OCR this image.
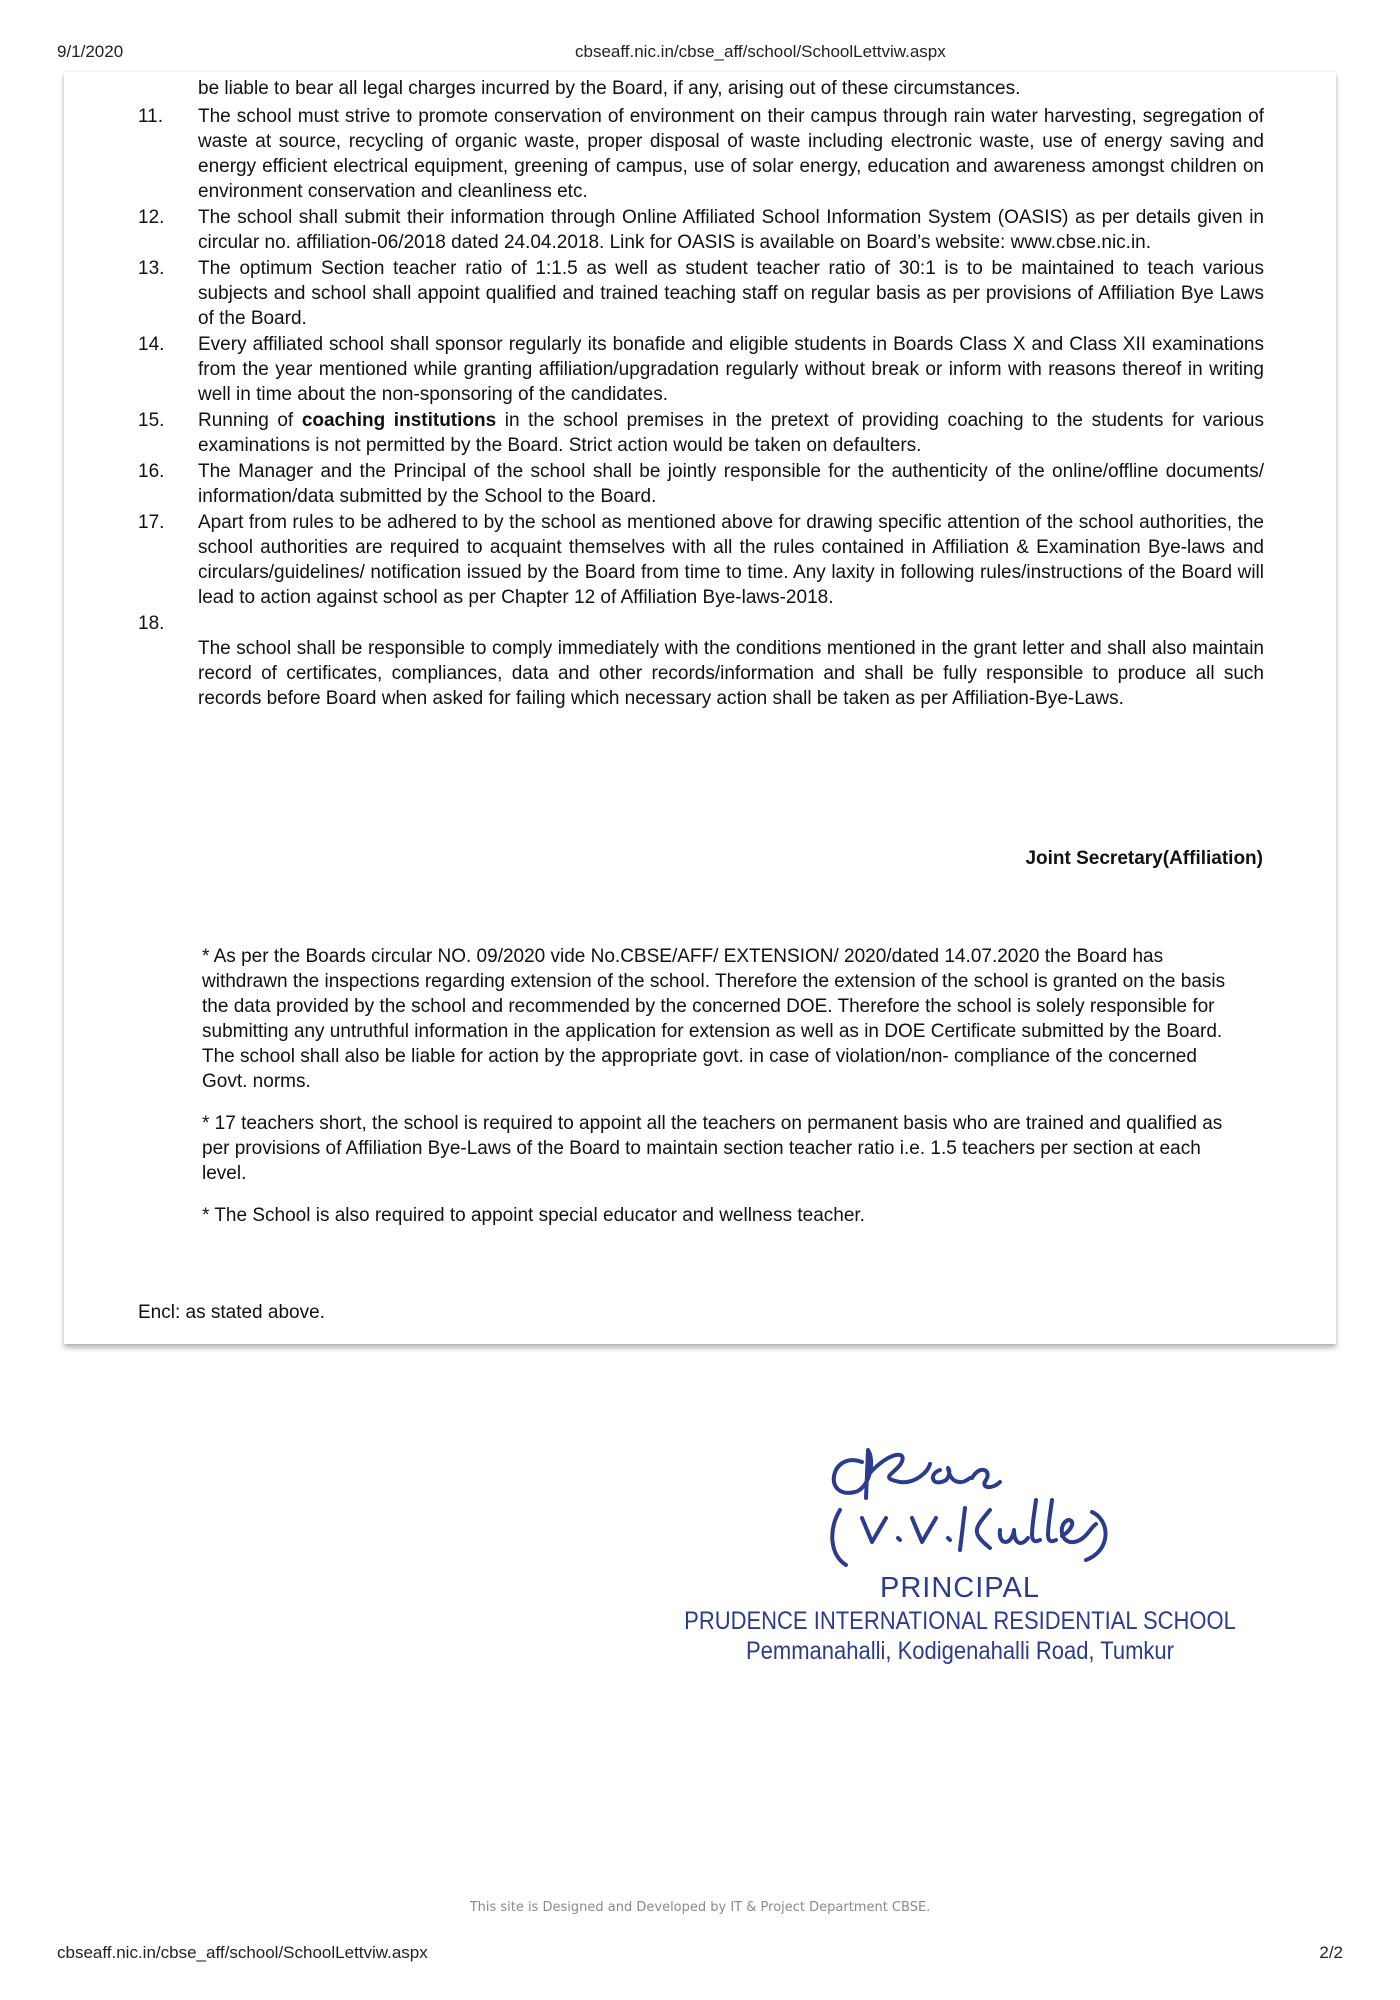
9/1/2020	cbseaff.nic.in/cbse_aff/school/SchoolLettviw.aspx
be liable to bear all legal charges incurred by the Board, if any, arising out of these circumstances.
11.	The school must strive to promote conservation of environment on their campus through rain water harvesting, segregation of waste at source, recycling of organic waste, proper disposal of waste including electronic waste, use of energy saving and energy efficient electrical equipment, greening of campus, use of solar energy, education and awareness amongst children on environment conservation and cleanliness etc.
12.	The school shall submit their information through Online Affiliated School Information System (OASIS) as per details given in circular no. affiliation-06/2018 dated 24.04.2018. Link for OASIS is available on Board’s website: www.cbse.nic.in.
13.	The optimum Section teacher ratio of 1:1.5 as well as student teacher ratio of 30:1 is to be maintained to teach various subjects and school shall appoint qualified and trained teaching staff on regular basis as per provisions of Affiliation Bye Laws of the Board.
14.	Every affiliated school shall sponsor regularly its bonafide and eligible students in Boards Class X and Class XII examinations from the year mentioned while granting affiliation/upgradation regularly without break or inform with reasons thereof in writing well in time about the non-sponsoring of the candidates.
15.	Running of coaching institutions in the school premises in the pretext of providing coaching to the students for various examinations is not permitted by the Board. Strict action would be taken on defaulters.
16.	The Manager and the Principal of the school shall be jointly responsible for the authenticity of the online/offline documents/ information/data submitted by the School to the Board.
17.	Apart from rules to be adhered to by the school as mentioned above for drawing specific attention of the school authorities, the school authorities are required to acquaint themselves with all the rules contained in Affiliation & Examination Bye-laws and circulars/guidelines/ notification issued by the Board from time to time. Any laxity in following rules/instructions of the Board will lead to action against school as per Chapter 12 of Affiliation Bye-laws-2018.
18.
The school shall be responsible to comply immediately with the conditions mentioned in the grant letter and shall also maintain record of certificates, compliances, data and other records/information and shall be fully responsible to produce all such records before Board when asked for failing which necessary action shall be taken as per Affiliation-Bye-Laws.
Joint Secretary(Affiliation)

* As per the Boards circular NO. 09/2020 vide No.CBSE/AFF/ EXTENSION/ 2020/dated 14.07.2020 the Board has withdrawn the inspections regarding extension of the school. Therefore the extension of the school is granted on the basis the data provided by the school and recommended by the concerned DOE. Therefore the school is solely responsible for submitting any untruthful information in the application for extension as well as in DOE Certificate submitted by the Board. The school shall also be liable for action by the appropriate govt. in case of violation/non- compliance of the concerned Govt. norms.

* 17 teachers short, the school is required to appoint all the teachers on permanent basis who are trained and qualified as per provisions of Affiliation Bye-Laws of the Board to maintain section teacher ratio i.e. 1.5 teachers per section at each level.

* The School is also required to appoint special educator and wellness teacher.

Encl: as stated above.
PRINCIPAL
PRUDENCE INTERNATIONAL RESIDENTIAL SCHOOL
Pemmanahalli, Kodigenahalli Road, Tumkur
This site is Designed and Developed by IT & Project Department CBSE.
cbseaff.nic.in/cbse_aff/school/SchoolLettviw.aspx	2/2
